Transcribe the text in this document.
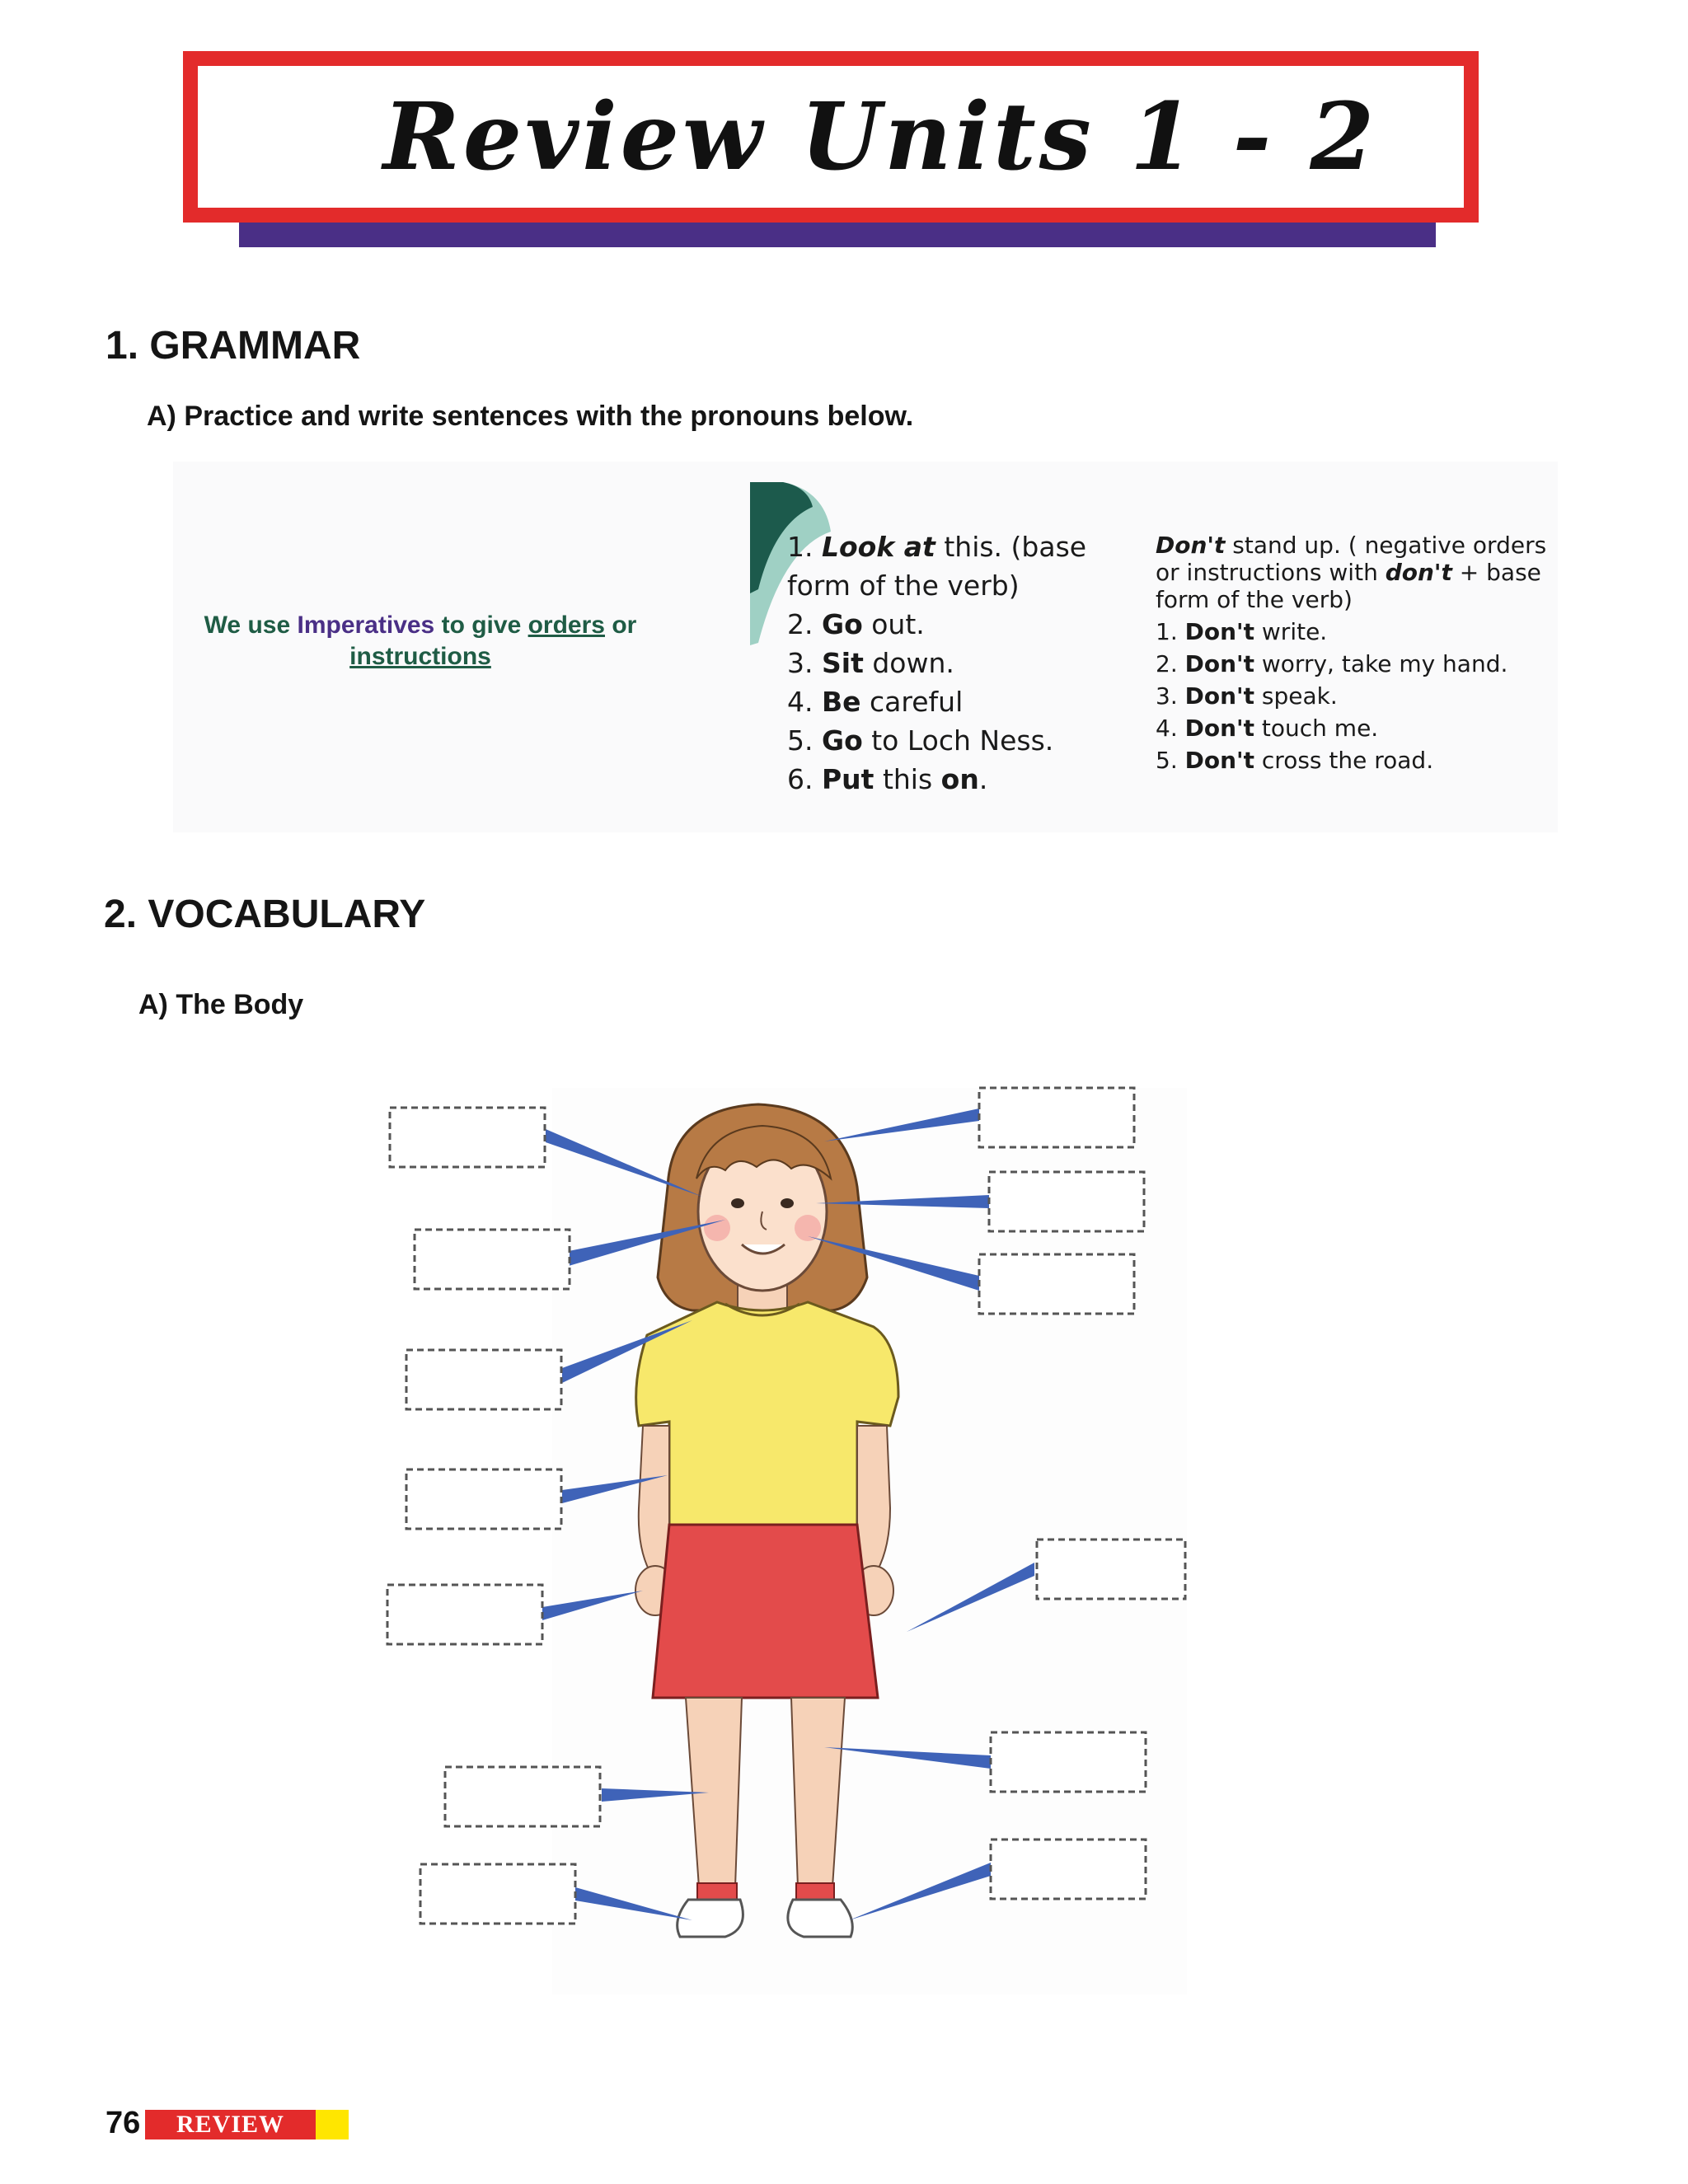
Review Units 1 - 2
1. GRAMMAR
A) Practice and write sentences with the pronouns below.
We use Imperatives to give orders or
instructions
1. Look at this. (base form of the verb)
2. Go out.
3. Sit down.
4. Be careful
5. Go to Loch Ness.
6. Put this on.
Don't stand up. ( negative orders or instructions with don't + base form of the verb)
1. Don't write.
2. Don't worry, take my hand.
3. Don't speak.
4. Don't touch me.
5. Don't cross the road.
2. VOCABULARY
A) The Body
76 REVIEW
